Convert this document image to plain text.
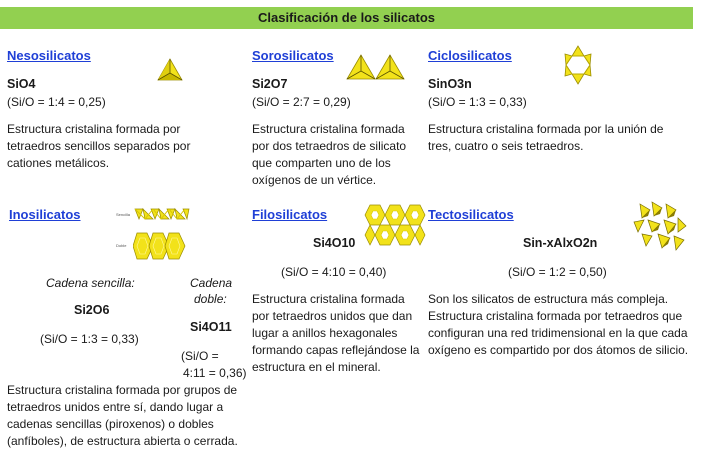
Clasificación de los silicatos
Nesosilicatos
SiO4
(Si/O = 1:4 = 0,25)
Estructura cristalina formada por tetraedros sencillos separados por cationes metálicos.
Sorosilicatos
Si2O7
(Si/O = 2:7 = 0,29)
Estructura cristalina formada por dos tetraedros de silicato que comparten uno de los oxígenos de un vértice.
Ciclosilicatos
SinO3n
(Si/O = 1:3 = 0,33)
Estructura cristalina formada por la unión de tres, cuatro o seis tetraedros.
Inosilicatos	Sencilla
Doble
Cadena sencilla:
Si2O6
(Si/O = 1:3 = 0,33)
Cadena
doble:
Si4O11
(Si/O =
4:11 = 0,36)
Estructura cristalina formada por grupos de tetraedros unidos entre sí, dando lugar a cadenas sencillas (piroxenos) o dobles (anfíboles), de estructura abierta o cerrada.
Filosilicatos
Si4O10
(Si/O = 4:10 = 0,40)
Estructura cristalina formada por tetraedros unidos que dan lugar a anillos hexagonales formando capas reflejándose la estructura en el mineral.
Tectosilicatos
Sin-xAlxO2n
(Si/O = 1:2 = 0,50)
Son los silicatos de estructura más compleja. Estructura cristalina formada por tetraedros que configuran una red tridimensional en la que cada oxígeno es compartido por dos átomos de silicio.
